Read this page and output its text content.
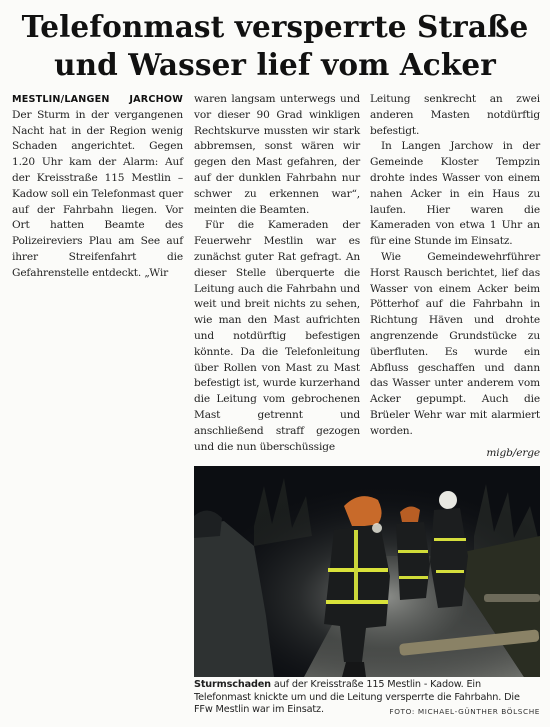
Telefonmast versperrte Straße
und Wasser lief vom Acker

MESTLIN/LANGEN JARCHOW Der Sturm in der vergangenen Nacht hat in der Region wenig Schaden angerichtet. Gegen 1.20 Uhr kam der Alarm: Auf der Kreisstraße 115 Mestlin – Kadow soll ein Telefonmast quer auf der Fahrbahn liegen. Vor Ort hatten Beamte des Polizeireviers Plau am See auf ihrer Streifenfahrt die Gefahrenstelle entdeckt. „Wir

waren langsam unterwegs und vor dieser 90 Grad winkligen Rechtskurve mussten wir stark abbremsen, sonst wären wir gegen den Mast gefahren, der auf der dunklen Fahrbahn nur schwer zu erkennen war“, meinten die Beamten.

Für die Kameraden der Feuerwehr Mestlin war es zunächst guter Rat gefragt. An dieser Stelle überquerte die Leitung auch die Fahrbahn und weit und breit nichts zu sehen, wie man den Mast aufrichten und notdürftig befestigen könnte. Da die Telefonleitung über Rollen von Mast zu Mast befestigt ist, wurde kurzerhand die Leitung vom gebrochenen Mast getrennt und anschließend straff gezogen und die nun überschüssige

Leitung senkrecht an zwei anderen Masten notdürftig befestigt.

In Langen Jarchow in der Gemeinde Kloster Tempzin drohte indes Wasser von einem nahen Acker in ein Haus zu laufen. Hier waren die Kameraden von etwa 1 Uhr an für eine Stunde im Einsatz.

Wie Gemeindewehrführer Horst Rausch berichtet, lief das Wasser von einem Acker beim Pötterhof auf die Fahrbahn in Richtung Häven und drohte angrenzende Grundstücke zu überfluten. Es wurde ein Abfluss geschaffen und dann das Wasser unter anderem vom Acker gepumpt. Auch die Brüeler Wehr war mit alarmiert worden.

migb/erge

Sturmschaden auf der Kreisstraße 115 Mestlin - Kadow. Ein Telefonmast knickte um und die Leitung versperrte die Fahrbahn. Die FFw Mestlin war im Einsatz.	FOTO: MICHAEL-GÜNTHER BÖLSCHE
